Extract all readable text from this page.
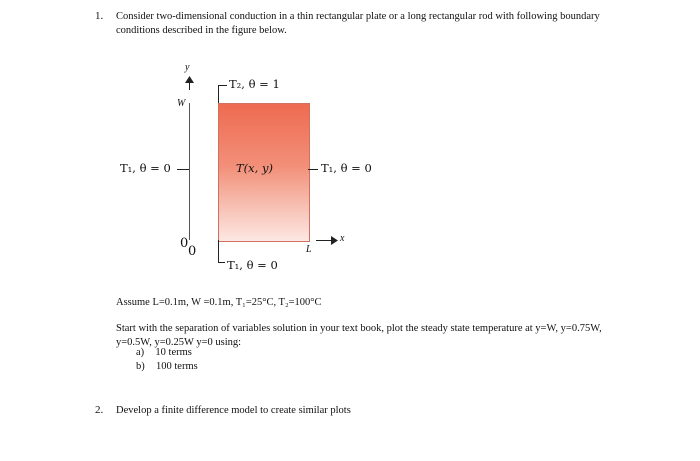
1. Consider two-dimensional conduction in a thin rectangular plate or a long rectangular rod with following boundary
conditions described in the figure below.
y
W
T₂, θ = 1
T₁, θ = 0	T(x, y)	T₁, θ = 0
0
0
T₁, θ = 0
L
x
Assume L=0.1m, W =0.1m, T₁=25°C, T₂=100°C
Start with the separation of variables solution in your text book, plot the steady state temperature at y=W, y=0.75W,
y=0.5W, y=0.25W y=0 using:
a) 10 terms
b) 100 terms
2. Develop a finite difference model to create similar plots
